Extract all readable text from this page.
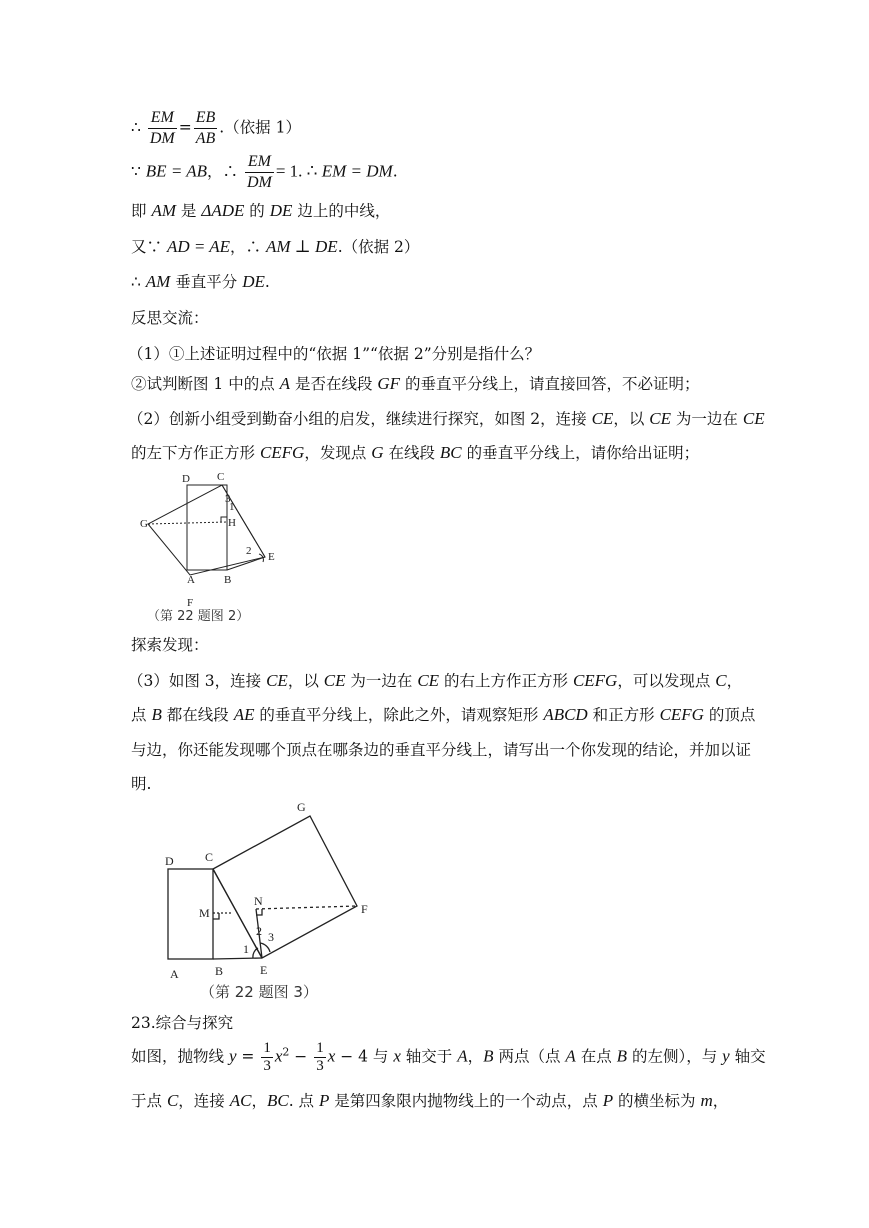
∴ $\frac{EM}{DM} = \frac{EB}{AB}$ .（依据 1）
∵ BE = AB，∴ $\frac{EM}{DM} = 1$. ∴ EM = DM.
即 AM 是 ΔADE 的 DE 边上的中线，
又∵ AD = AE，∴ AM ⊥ DE.（依据 2）
∴ AM 垂直平分 DE.
反思交流：
（1）①上述证明过程中的“依据 1”“依据 2”分别是指什么？
②试判断图 1 中的点 A 是否在线段 GF 的垂直平分线上，请直接回答，不必证明；
（2）创新小组受到勤奋小组的启发，继续进行探究，如图 2，连接 CE，以 CE 为一边在 CE
的左下方作正方形 CEFG，发现点 G 在线段 BC 的垂直平分线上，请你给出证明；
D C
G	H
A	B
E
F
1
2
3
（第 22 题图 2）
探索发现：
（3）如图 3，连接 CE，以 CE 为一边在 CE 的右上方作正方形 CEFG，可以发现点 C，
点 B 都在线段 AE 的垂直平分线上，除此之外，请观察矩形 ABCD 和正方形 CEFG 的顶点
与边，你还能发现哪个顶点在哪条边的垂直平分线上，请写出一个你发现的结论，并加以证
明.
D	C
G
N
F
M
A	B	E
1
2 3
（第 22 题图 3）
23.综合与探究
如图，抛物线 $y = \frac{1}{3} x^2 - \frac{1}{3}$ x − 4 与 x 轴交于 A，B 两点（点 A 在点 B 的左侧），与 y 轴交
于点 C，连接 AC，BC. 点 P 是第四象限内抛物线上的一个动点，点 P 的横坐标为 m，
